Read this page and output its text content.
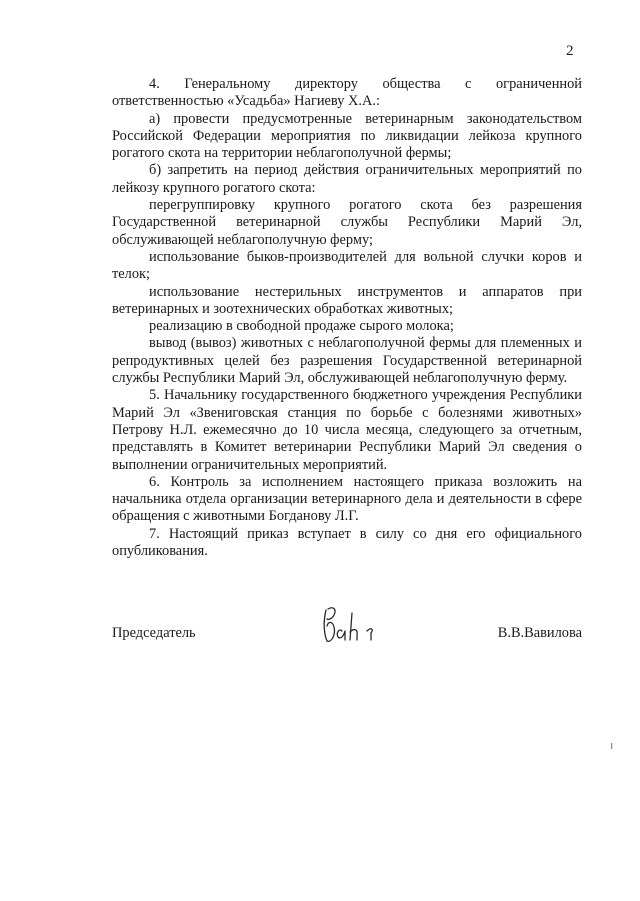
2

4. Генеральному директору общества с ограниченной ответственностью «Усадьба» Нагиеву Х.А.:

а) провести предусмотренные ветеринарным законодательством Российской Федерации мероприятия по ликвидации лейкоза крупного рогатого скота на территории неблагополучной фермы;

б) запретить на период действия ограничительных мероприятий по лейкозу крупного рогатого скота:

перегруппировку крупного рогатого скота без разрешения Государственной ветеринарной службы Республики Марий Эл, обслуживающей неблагополучную ферму;

использование быков-производителей для вольной случки коров и телок;

использование нестерильных инструментов и аппаратов при ветеринарных и зоотехнических обработках животных;

реализацию в свободной продаже сырого молока;

вывод (вывоз) животных с неблагополучной фермы для племенных и репродуктивных целей без разрешения Государственной ветеринарной службы Республики Марий Эл, обслуживающей неблагополучную ферму.

5. Начальнику государственного бюджетного учреждения Республики Марий Эл «Звениговская станция по борьбе с болезнями животных» Петрову Н.Л. ежемесячно до 10 числа месяца, следующего за отчетным, представлять в Комитет ветеринарии Республики Марий Эл сведения о выполнении ограничительных мероприятий.

6. Контроль за исполнением настоящего приказа возложить на начальника отдела организации ветеринарного дела и деятельности в сфере обращения с животными Богданову Л.Г.

7. Настоящий приказ вступает в силу со дня его официального опубликования.

Председатель	В.В.Вавилова
